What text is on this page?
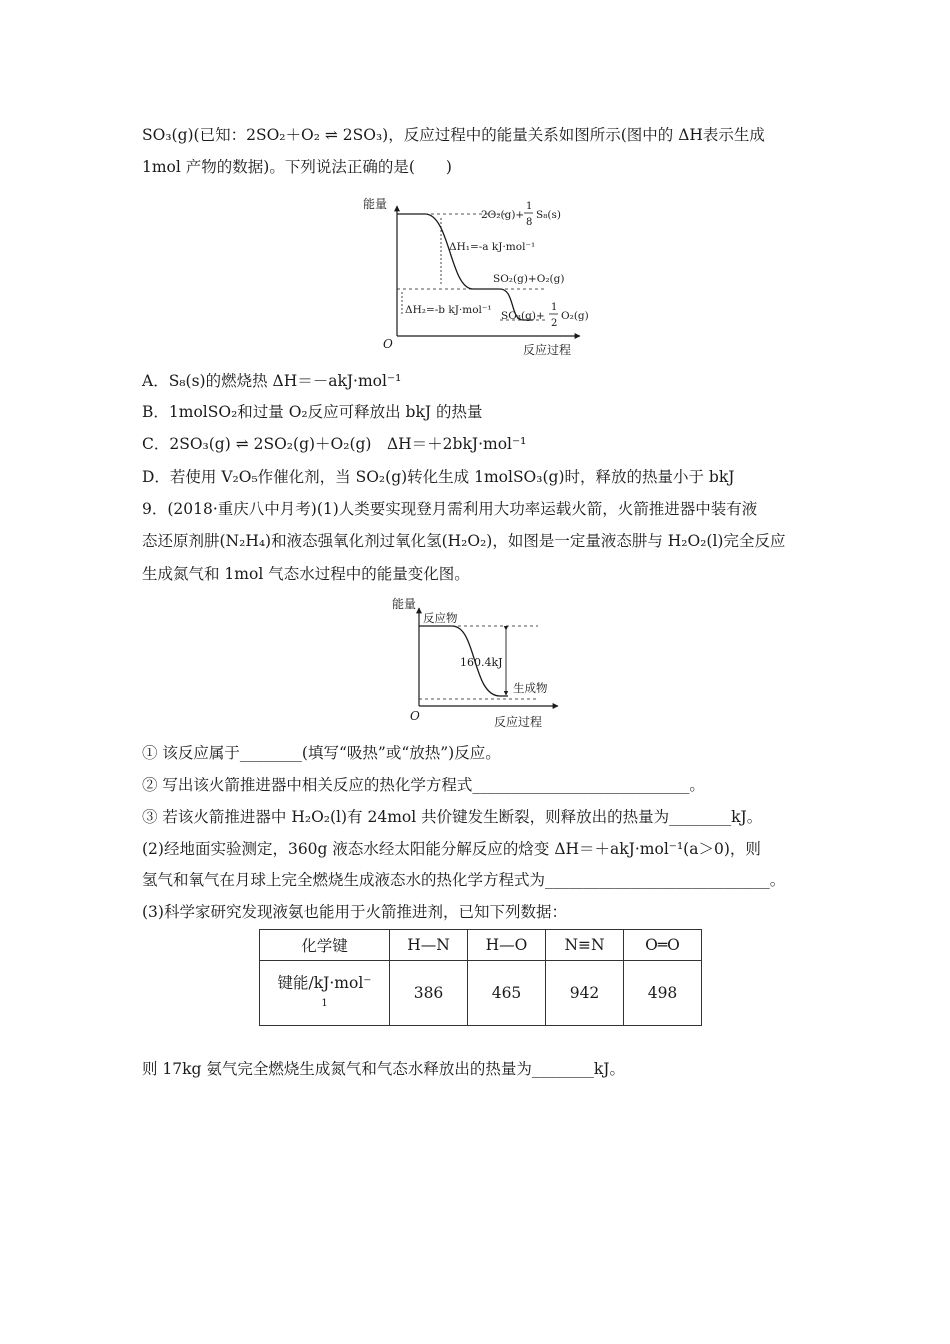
SO₃(g)(已知：2SO₂＋O₂ ⇌ 2SO₃)，反应过程中的能量关系如图所示(图中的 ΔH表示生成
1mol 产物的数据)。下列说法正确的是(　　)
能量
O	反应过程
2O₂(g)+
1
8
S₈(s)
ΔH₁=-a kJ·mol⁻¹
SO₂(g)+O₂(g)
ΔH₂=-b kJ·mol⁻¹ SO₃(g)+
1
2
O₂(g)
A．S₈(s)的燃烧热 ΔH＝－akJ·mol⁻¹
B．1molSO₂和过量 O₂反应可释放出 bkJ 的热量
C．2SO₃(g) ⇌ 2SO₂(g)＋O₂(g)　ΔH＝＋2bkJ·mol⁻¹
D．若使用 V₂O₅作催化剂，当 SO₂(g)转化生成 1molSO₃(g)时，释放的热量小于 bkJ
9．(2018·重庆八中月考)(1)人类要实现登月需利用大功率运载火箭，火箭推进器中装有液
态还原剂肼(N₂H₄)和液态强氧化剂过氧化氢(H₂O₂)，如图是一定量液态肼与 H₂O₂(l)完全反应
生成氮气和 1mol 气态水过程中的能量变化图。
能量
O	反应过程
反应物
160.4kJ
生成物
① 该反应属于________(填写“吸热”或“放热”)反应。
② 写出该火箭推进器中相关反应的热化学方程式____________________________。
③ 若该火箭推进器中 H₂O₂(l)有 24mol 共价键发生断裂，则释放出的热量为________kJ。
(2)经地面实验测定，360g 液态水经太阳能分解反应的焓变 ΔH＝＋akJ·mol⁻¹(a＞0)，则
氢气和氧气在月球上完全燃烧生成液态水的热化学方程式为_____________________________。
(3)科学家研究发现液氨也能用于火箭推进剂，已知下列数据：
化学键	H—N	H—O	N≡N	O═O

键能/kJ·mol⁻
1	386	465	942	498
则 17kg 氨气完全燃烧生成氮气和气态水释放出的热量为________kJ。
